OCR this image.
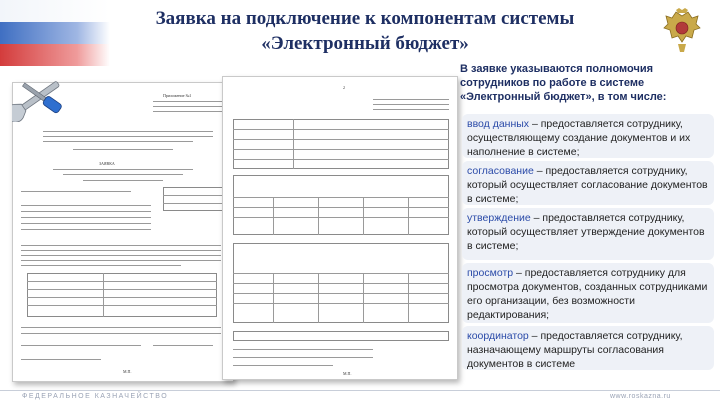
Заявка на подключение к компонентам системы
«Электронный бюджет»
Приложение №1
ЗАЯВКА
М.П.
2
М.П.
В заявке указываются полномочия сотрудников по работе в системе «Электронный бюджет», в том числе:
ввод данных – предоставляется сотруднику, осуществляющему создание документов и их наполнение в системе;
согласование – предоставляется сотруднику, который осуществляет согласование документов в системе;
утверждение – предоставляется сотруднику, который осуществляет утверждение документов в системе;
просмотр – предоставляется сотруднику для просмотра документов, созданных сотрудниками его организации, без возможности редактирования;
координатор – предоставляется сотруднику, назначающему маршруты согласования документов в системе
ФЕДЕРАЛЬНОЕ КАЗНАЧЕЙСТВО	www.roskazna.ru
